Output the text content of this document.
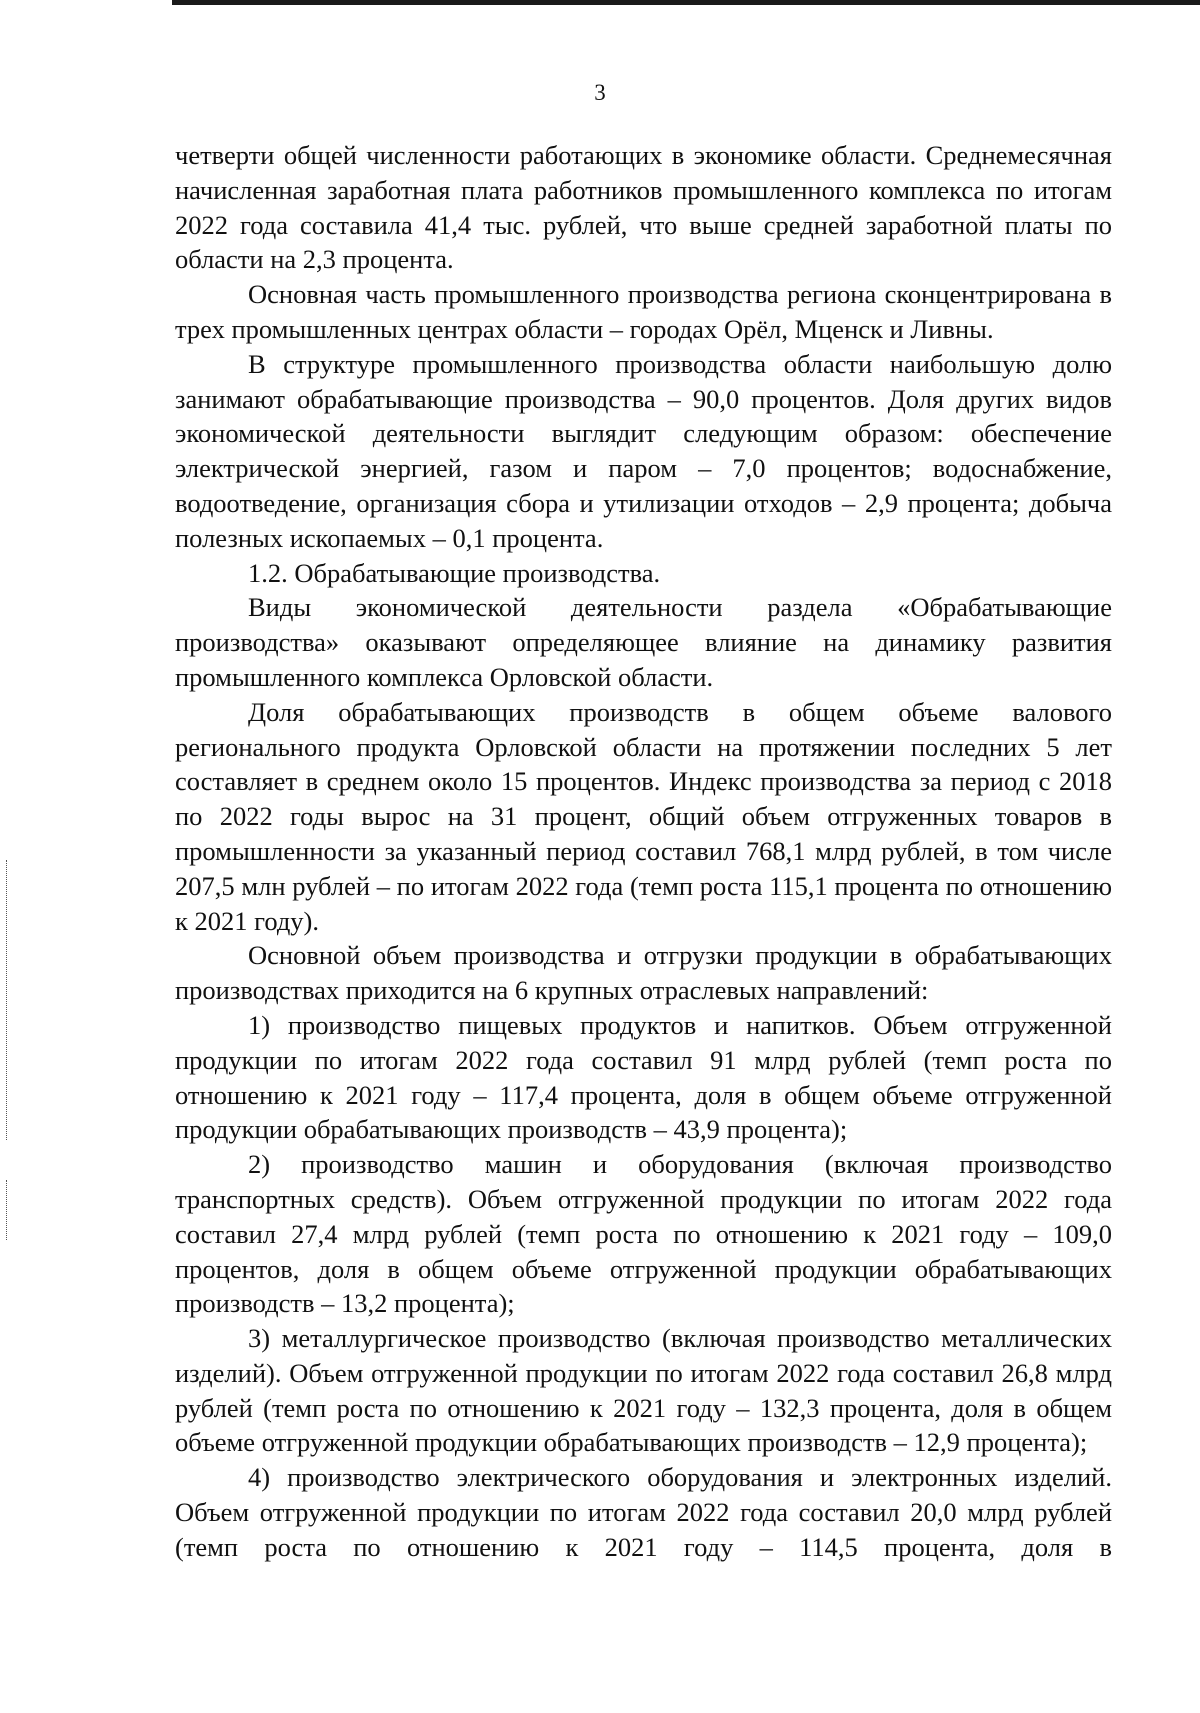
3

четверти общей численности работающих в экономике области. Среднемесячная начисленная заработная плата работников промышленного комплекса по итогам 2022 года составила 41,4 тыс. рублей, что выше средней заработной платы по области на 2,3 процента.

Основная часть промышленного производства региона сконцентрирована в трех промышленных центрах области – городах Орёл, Мценск и Ливны.

В структуре промышленного производства области наибольшую долю занимают обрабатывающие производства – 90,0 процентов. Доля других видов экономической деятельности выглядит следующим образом: обеспечение электрической энергией, газом и паром – 7,0 процентов; водоснабжение, водоотведение, организация сбора и утилизации отходов – 2,9 процента; добыча полезных ископаемых – 0,1 процента.

1.2. Обрабатывающие производства.

Виды экономической деятельности раздела «Обрабатывающие производства» оказывают определяющее влияние на динамику развития промышленного комплекса Орловской области.

Доля обрабатывающих производств в общем объеме валового регионального продукта Орловской области на протяжении последних 5 лет составляет в среднем около 15 процентов. Индекс производства за период с 2018 по 2022 годы вырос на 31 процент, общий объем отгруженных товаров в промышленности за указанный период составил 768,1 млрд рублей, в том числе 207,5 млн рублей – по итогам 2022 года (темп роста 115,1 процента по отношению к 2021 году).

Основной объем производства и отгрузки продукции в обрабатывающих производствах приходится на 6 крупных отраслевых направлений:

1) производство пищевых продуктов и напитков. Объем отгруженной продукции по итогам 2022 года составил 91 млрд рублей (темп роста по отношению к 2021 году – 117,4 процента, доля в общем объеме отгруженной продукции обрабатывающих производств – 43,9 процента);

2) производство машин и оборудования (включая производство транспортных средств). Объем отгруженной продукции по итогам 2022 года составил 27,4 млрд рублей (темп роста по отношению к 2021 году – 109,0 процентов, доля в общем объеме отгруженной продукции обрабатывающих производств – 13,2 процента);

3) металлургическое производство (включая производство металлических изделий). Объем отгруженной продукции по итогам 2022 года составил 26,8 млрд рублей (темп роста по отношению к 2021 году – 132,3 процента, доля в общем объеме отгруженной продукции обрабатывающих производств – 12,9 процента);

4) производство электрического оборудования и электронных изделий. Объем отгруженной продукции по итогам 2022 года составил 20,0 млрд рублей (темп роста по отношению к 2021 году – 114,5 процента, доля в
